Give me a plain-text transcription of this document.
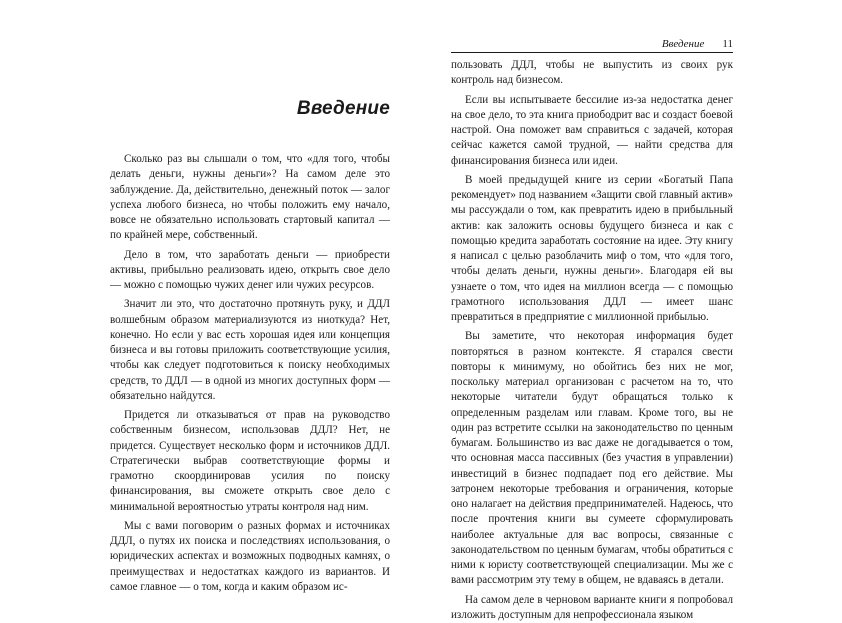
Введение

Сколько раз вы слышали о том, что «для того, чтобы делать деньги, нужны деньги»? На самом деле это заблуждение. Да, действительно, денежный поток — залог успеха любого бизнеса, но чтобы положить ему начало, вовсе не обязательно использовать стартовый капитал — по крайней мере, собственный.

Дело в том, что заработать деньги — приобрести активы, прибыльно реализовать идею, открыть свое дело — можно с помощью чужих денег или чужих ресурсов.

Значит ли это, что достаточно протянуть руку, и ДДЛ волшебным образом материализуются из ниоткуда? Нет, конечно. Но если у вас есть хорошая идея или концепция бизнеса и вы готовы приложить соответствующие усилия, чтобы как следует подготовиться к поиску необходимых средств, то ДДЛ — в одной из многих доступных форм — обязательно найдутся.

Придется ли отказываться от прав на руководство собственным бизнесом, использовав ДДЛ? Нет, не придется. Существует несколько форм и источников ДДЛ. Стратегически выбрав соответствующие формы и грамотно скоординировав усилия по поиску финансирования, вы сможете открыть свое дело с минимальной вероятностью утраты контроля над ним.

Мы с вами поговорим о разных формах и источниках ДДЛ, о путях их поиска и последствиях использования, о юридических аспектах и возможных подводных камнях, о преимуществах и недостатках каждого из вариантов. И самое главное — о том, когда и каким образом ис-

Введение 11

пользовать ДДЛ, чтобы не выпустить из своих рук контроль над бизнесом.

Если вы испытываете бессилие из-за недостатка денег на свое дело, то эта книга приободрит вас и создаст боевой настрой. Она поможет вам справиться с задачей, которая сейчас кажется самой трудной, — найти средства для финансирования бизнеса или идеи.

В моей предыдущей книге из серии «Богатый Папа рекомендует» под названием «Защити свой главный актив» мы рассуждали о том, как превратить идею в прибыльный актив: как заложить основы будущего бизнеса и как с помощью кредита заработать состояние на идее. Эту книгу я написал с целью разоблачить миф о том, что «для того, чтобы делать деньги, нужны деньги». Благодаря ей вы узнаете о том, что идея на миллион всегда — с помощью грамотного использования ДДЛ — имеет шанс превратиться в предприятие с миллионной прибылью.

Вы заметите, что некоторая информация будет повторяться в разном контексте. Я старался свести повторы к минимуму, но обойтись без них не мог, поскольку материал организован с расчетом на то, что некоторые читатели будут обращаться только к определенным разделам или главам. Кроме того, вы не один раз встретите ссылки на законодательство по ценным бумагам. Большинство из вас даже не догадывается о том, что основная масса пассивных (без участия в управлении) инвестиций в бизнес подпадает под его действие. Мы затронем некоторые требования и ограничения, которые оно налагает на действия предпринимателей. Надеюсь, что после прочтения книги вы сумеете сформулировать наиболее актуальные для вас вопросы, связанные с законодательством по ценным бумагам, чтобы обратиться с ними к юристу соответствующей специализации. Мы же с вами рассмотрим эту тему в общем, не вдаваясь в детали.

На самом деле в черновом варианте книги я попробовал изложить доступным для непрофессионала языком
